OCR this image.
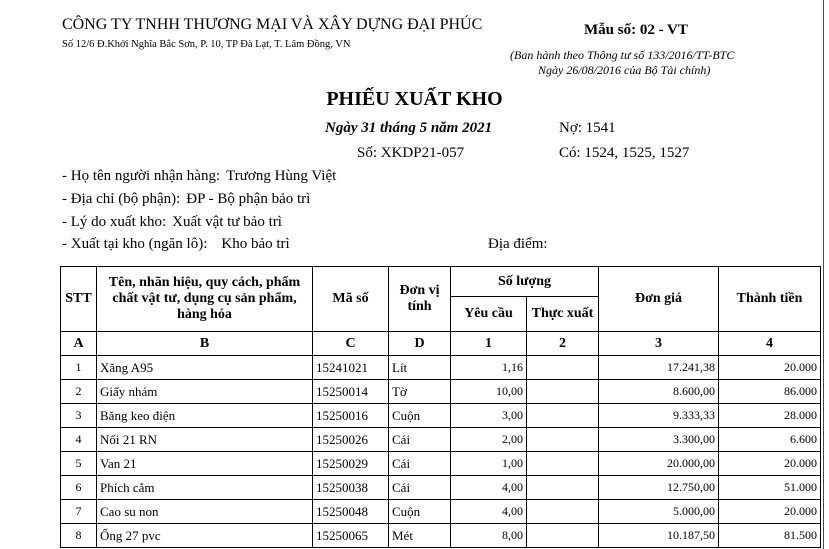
CÔNG TY TNHH THƯƠNG MẠI VÀ XÂY DỰNG ĐẠI PHÚC
Số 12/6 Đ.Khởi Nghĩa Bắc Sơn, P. 10, TP Đà Lạt, T. Lâm Đồng, VN
Mẫu số: 02 - VT
(Ban hành theo Thông tư số 133/2016/TT-BTC
Ngày 26/08/2016 của Bộ Tài chính)
PHIẾU XUẤT KHO
Ngày 31 tháng 5 năm 2021	Nợ: 1541
Số: XKDP21-057	Có: 1524, 1525, 1527
- Họ tên người nhận hàng: Trương Hùng Việt
- Địa chỉ (bộ phận): ĐP - Bộ phận bảo trì
- Lý do xuất kho: Xuất vật tư bảo trì
- Xuất tại kho (ngăn lô): Kho bảo trì	Địa điểm:
STT	Tên, nhãn hiệu, quy cách, phẩm chất vật tư, dụng cụ sản phẩm, hàng hóa	Mã số	Đơn vị tính	Số lượng		Đơn giá	Thành tiền
				Yêu cầu	Thực xuất		
A	B	C	D	1	2	3	4
1	Xăng A95	15241021	Lít	1,16		17.241,38	20.000
2	Giấy nhám	15250014	Tờ	10,00		8.600,00	86.000
3	Băng keo điện	15250016	Cuộn	3,00		9.333,33	28.000
4	Nối 21 RN	15250026	Cái	2,00		3.300,00	6.600
5	Van 21	15250029	Cái	1,00		20.000,00	20.000
6	Phích cắm	15250038	Cái	4,00		12.750,00	51.000
7	Cao su non	15250048	Cuộn	4,00		5.000,00	20.000
8	Ống 27 pvc	15250065	Mét	8,00		10.187,50	81.500
